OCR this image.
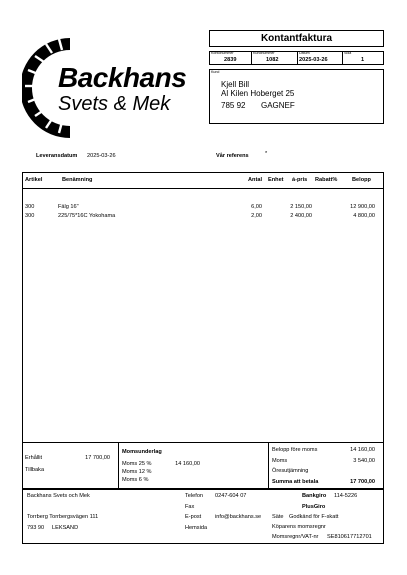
Backhans
Svets & Mek
Kontantfaktura
Kontonummer	Kundnummer	Datum	Sida
2839	1082	2025-03-26	1
Kund
Kjell Bill
Al Kilen Hoberget 25
785 92 GAGNEF
Leveransdatum 2025-03-26	Vår referens	*
Artikel	Benämning	Antal Enhet á-pris Rabatt%	Belopp
300	Fälg 16"	6,00	2 150,00	12 900,00
300	225/75*16C Yokohama	2,00	2 400,00	4 800,00
Erhållit	17 700,00
Tillbaka
Momsunderlag
Moms 25 %	14 160,00
Moms 12 %
Moms 6 %
Belopp före moms	14 160,00
Moms	3 540,00
Öresutjämning
Summa att betala	17 700,00
Backhans Svets och Mek
Torrberg Torrbergsvägen 111
793 90 LEKSAND
Telefon 0247-604 07
Fax
E-post info@backhans.se
Hemsida
Bankgiro 114-5226
PlusGiro
Säte Godkänd för F-skatt
Köparens momsregnr
Momsregnr/VAT-nr SE810617712701
